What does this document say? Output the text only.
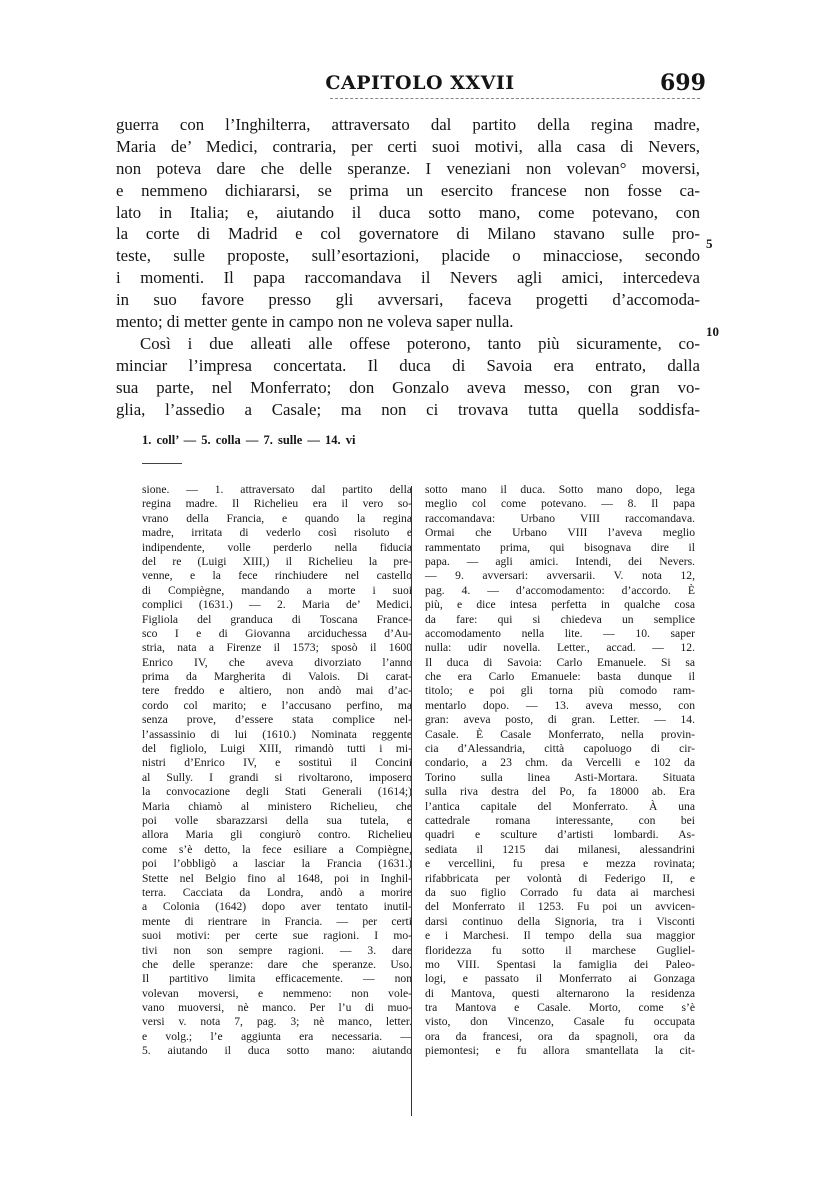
CAPITOLO XXVII	699
guerra con l’Inghilterra, attraversato dal partito della regina madre,
Maria de’ Medici, contraria, per certi suoi motivi, alla casa di Nevers,
non poteva dare che delle speranze. I veneziani non volevan° moversi,
e nemmeno dichiararsi, se prima un esercito francese non fosse ca-
lato in Italia; e, aiutando il duca sotto mano, come potevano, con
la corte di Madrid e col governatore di Milano stavano sulle pro-
teste, sulle proposte, sull’esortazioni, placide o minacciose, secondo
i momenti. Il papa raccomandava il Nevers agli amici, intercedeva
in suo favore presso gli avversari, faceva progetti d’accomoda-
mento; di metter gente in campo non ne voleva saper nulla.
Così i due alleati alle offese poterono, tanto più sicuramente, co-
minciar l’impresa concertata. Il duca di Savoia era entrato, dalla
sua parte, nel Monferrato; don Gonzalo aveva messo, con gran vo-
glia, l’assedio a Casale; ma non ci trovava tutta quella soddisfa-
5
10
1. coll’ — 5. colla — 7. sulle — 14. vi
sione. — 1. attraversato dal partito della
regina madre. Il Richelieu era il vero so-
vrano della Francia, e quando la regina
madre, irritata di vederlo così risoluto e
indipendente, volle perderlo nella fiducia
del re (Luigi XIII,) il Richelieu la pre-
venne, e la fece rinchiudere nel castello
di Compiègne, mandando a morte i suoi
complici (1631.) — 2. Maria de’ Medici.
Figliola del granduca di Toscana France-
sco I e di Giovanna arciduchessa d’Au-
stria, nata a Firenze il 1573; sposò il 1600
Enrico IV, che aveva divorziato l’anno
prima da Margherita di Valois. Di carat-
tere freddo e altiero, non andò mai d’ac-
cordo col marito; e l’accusano perfino, ma
senza prove, d’essere stata complice nel-
l’assassinio di lui (1610.) Nominata reggente
del figliolo, Luigi XIII, rimandò tutti i mi-
nistri d’Enrico IV, e sostituì il Concini
al Sully. I grandi si rivoltarono, imposero
la convocazione degli Stati Generali (1614;)
Maria chiamò al ministero Richelieu, che
poi volle sbarazzarsi della sua tutela, e
allora Maria gli congiurò contro. Richelieu
come s’è detto, la fece esiliare a Compiègne,
poi l’obbligò a lasciar la Francia (1631.)
Stette nel Belgio fino al 1648, poi in Inghil-
terra. Cacciata da Londra, andò a morire
a Colonia (1642) dopo aver tentato inutil-
mente di rientrare in Francia. — per certi
suoi motivi: per certe sue ragioni. I mo-
tivi non son sempre ragioni. — 3. dare
che delle speranze: dare che speranze. Uso.
Il partitivo limita efficacemente. — non
volevan moversi, e nemmeno: non vole-
vano muoversi, nè manco. Per l’u di muo-
versi v. nota 7, pag. 3; nè manco, letter.
e volg.; l’e aggiunta era necessaria. —
5. aiutando il duca sotto mano: aiutando
sotto mano il duca. Sotto mano dopo, lega
meglio col come potevano. — 8. Il papa
raccomandava: Urbano VIII raccomandava.
Ormai che Urbano VIII l’aveva meglio
rammentato prima, qui bisognava dire il
papa. — agli amici. Intendi, dei Nevers.
— 9. avversari: avversarii. V. nota 12,
pag. 4. — d’accomodamento: d’accordo. È
più, e dice intesa perfetta in qualche cosa
da fare: qui si chiedeva un semplice
accomodamento nella lite. — 10. saper
nulla: udir novella. Letter., accad. — 12.
Il duca di Savoia: Carlo Emanuele. Si sa
che era Carlo Emanuele: basta dunque il
titolo; e poi gli torna più comodo ram-
mentarlo dopo. — 13. aveva messo, con
gran: aveva posto, di gran. Letter. — 14.
Casale. È Casale Monferrato, nella provin-
cia d’Alessandria, città capoluogo di cir-
condario, a 23 chm. da Vercelli e 102 da
Torino sulla linea Asti-Mortara. Situata
sulla riva destra del Po, fa 18000 ab. Era
l’antica capitale del Monferrato. À una
cattedrale romana interessante, con bei
quadri e sculture d’artisti lombardi. As-
sediata il 1215 dai milanesi, alessandrini
e vercellini, fu presa e mezza rovinata;
rifabbricata per volontà di Federigo II, e
da suo figlio Corrado fu data ai marchesi
del Monferrato il 1253. Fu poi un avvicen-
darsi continuo della Signoria, tra i Visconti
e i Marchesi. Il tempo della sua maggior
floridezza fu sotto il marchese Gugliel-
mo VIII. Spentasi la famiglia dei Paleo-
logi, e passato il Monferrato ai Gonzaga
di Mantova, questi alternarono la residenza
tra Mantova e Casale. Morto, come s’è
visto, don Vincenzo, Casale fu occupata
ora da francesi, ora da spagnoli, ora da
piemontesi; e fu allora smantellata la cit-
